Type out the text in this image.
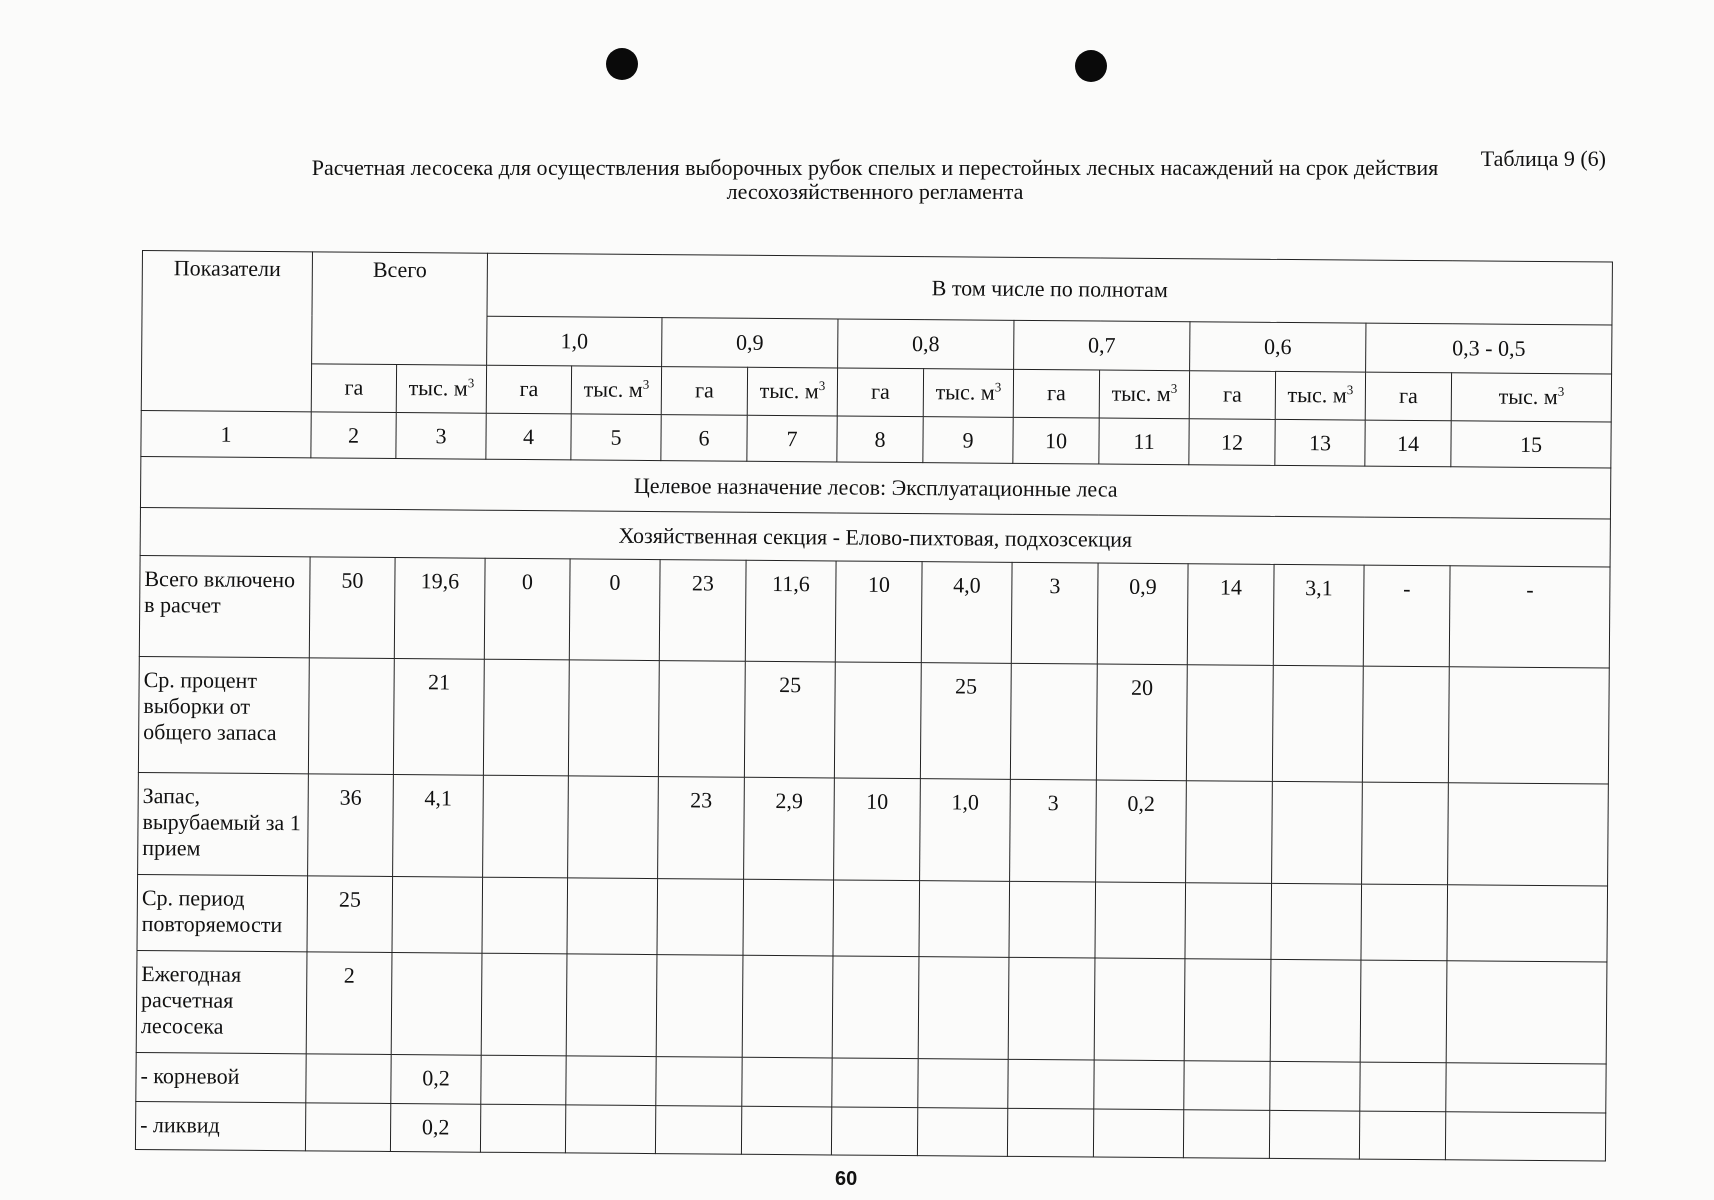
Таблица 9 (6)
Расчетная лесосека для осуществления выборочных рубок спелых и перестойных лесных насаждений на срок действия
лесохозяйственного регламента
Показатели	Всего		В том числе по полнотам											
			1,0		0,9		0,8		0,7		0,6		0,3 - 0,5	
	га	тыс. $м^3$	га	тыс. $м^3$	га	тыс. $м^3$	га	тыс. $м^3$	га	тыс. $м^3$	га	тыс. $м^3$	га	тыс. $м^3$
1	2	3	4	5	6	7	8	9	10	11	12	13	14	15
Целевое назначение лесов: Эксплуатационные леса														
Хозяйственная секция - Елово-пихтовая, подхозсекция														
Всего включено в расчет	50	19,6	0	0	23	11,6	10	4,0	3	0,9	14	3,1	-	-
Ср. процент выборки от общего запаса		21				25		25		20				
Запас, вырубаемый за 1 прием	36	4,1			23	2,9	10	1,0	3	0,2				
Ср. период повторяемости	25													
Ежегодная расчетная лесосека	2													
- корневой		0,2												
- ликвид		0,2												
60
